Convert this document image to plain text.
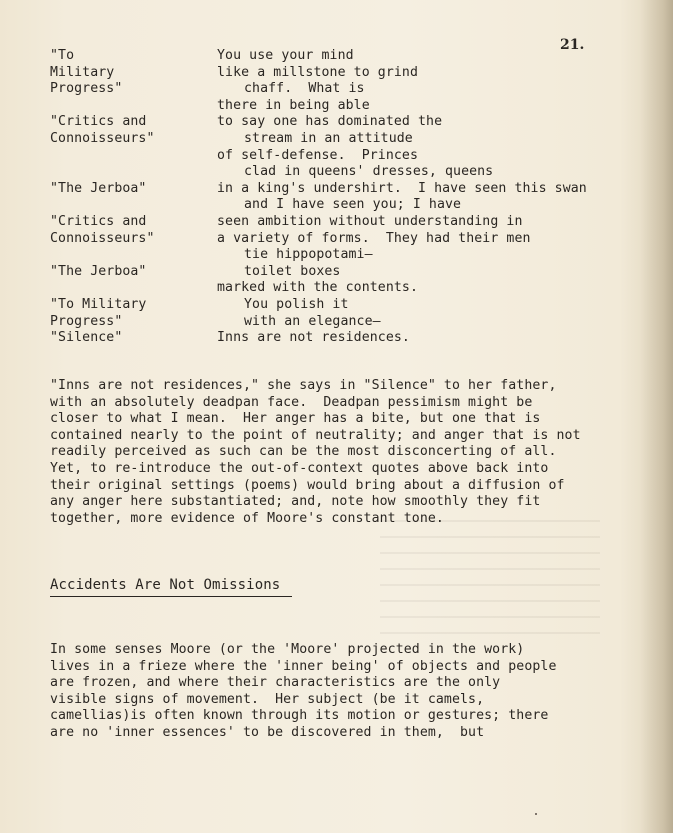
21.
"To
Military
Progress"
"Critics and
Connoisseurs"
"The Jerboa"
"Critics and
Connoisseurs"
"The Jerboa"
"To Military
Progress"
"Silence"
You use your mind
like a millstone to grind
chaff.  What is
there in being able
to say one has dominated the
stream in an attitude
of self-defense.  Princes
clad in queens' dresses, queens
in a king's undershirt.  I have seen this swan
and I have seen you; I have
seen ambition without understanding in
a variety of forms.  They had their men
tie hippopotami—
toilet boxes
marked with the contents.
You polish it
with an elegance—
Inns are not residences.
"Inns are not residences," she says in "Silence" to her father,
with an absolutely deadpan face.  Deadpan pessimism might be
closer to what I mean.  Her anger has a bite, but one that is
contained nearly to the point of neutrality; and anger that is not
readily perceived as such can be the most disconcerting of all.
Yet, to re-introduce the out-of-context quotes above back into
their original settings (poems) would bring about a diffusion of
any anger here substantiated; and, note how smoothly they fit
together, more evidence of Moore's constant tone.
Accidents Are Not Omissions
In some senses Moore (or the 'Moore' projected in the work)
lives in a frieze where the 'inner being' of objects and people
are frozen, and where their characteristics are the only
visible signs of movement.  Her subject (be it camels,
camellias)is often known through its motion or gestures; there
are no 'inner essences' to be discovered in them,  but
